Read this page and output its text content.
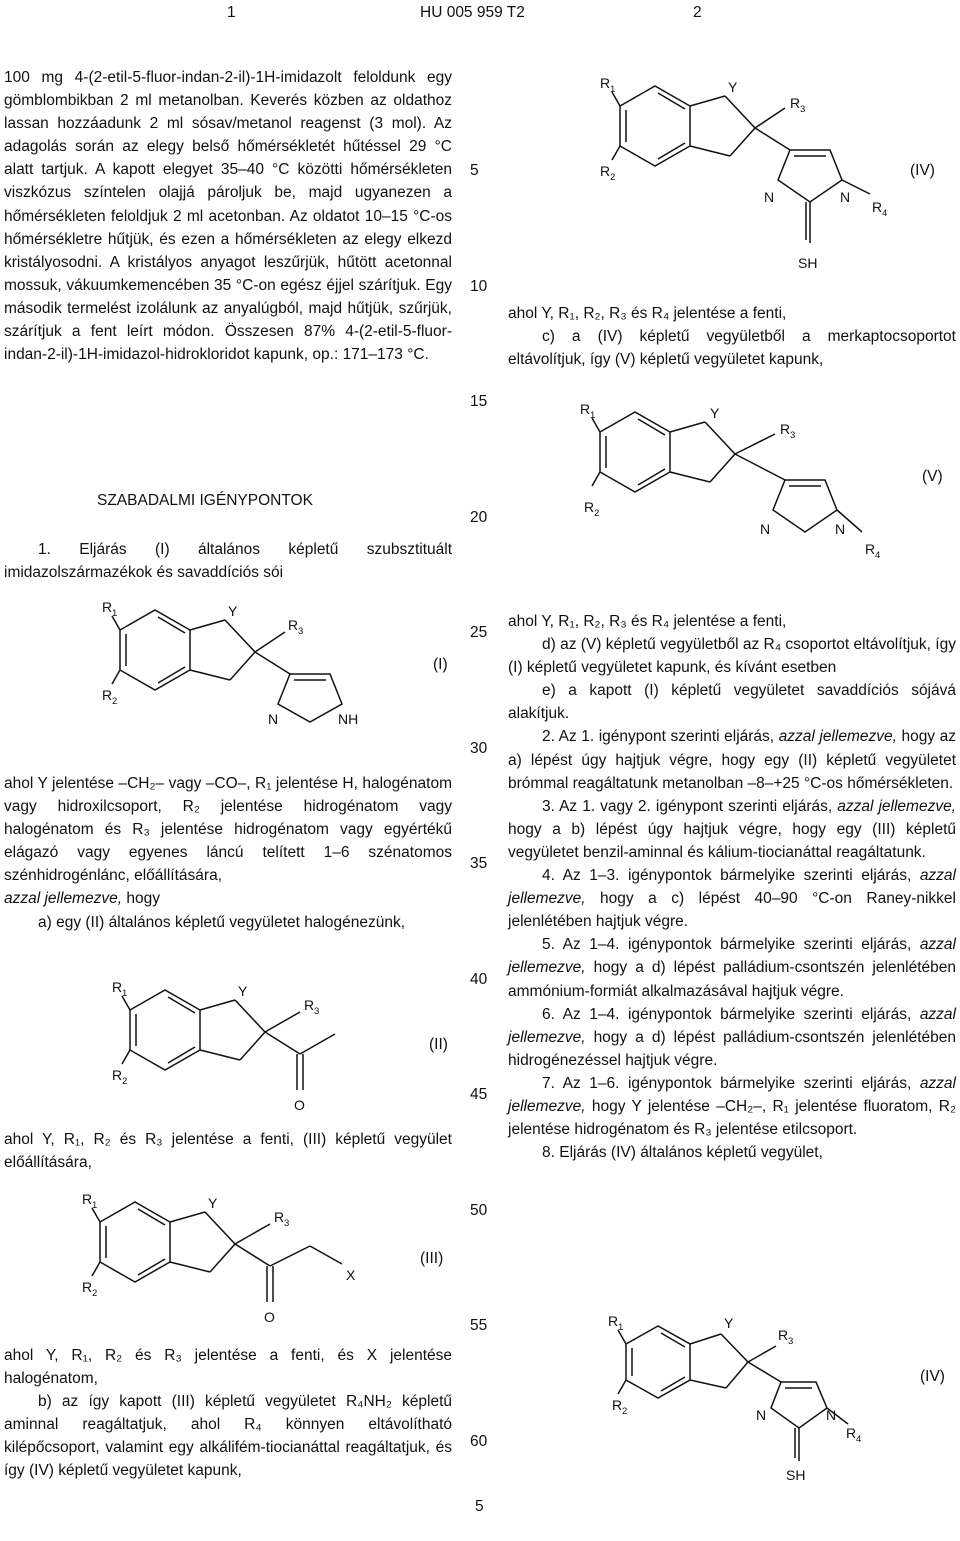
1	HU 005 959 T2	2
5
10
15
20
25
30
35
40
45
50
55
60
100 mg 4-(2-etil-5-fluor-indan-2-il)-1H-imidazolt feloldunk egy gömblombikban 2 ml metanolban. Keverés közben az oldathoz lassan hozzáadunk 2 ml sósav/metanol reagenst (3 mol). Az adagolás során az elegy belső hőmérsékletét hűtéssel 29 °C alatt tartjuk. A kapott elegyet 35–40 °C közötti hőmérsékleten viszkózus színtelen olajjá pároljuk be, majd ugyanezen a hőmérsékleten feloldjuk 2 ml acetonban. Az oldatot 10–15 °C-os hőmérsékletre hűtjük, és ezen a hőmérsékleten az elegy elkezd kristályosodni. A kristályos anyagot leszűrjük, hűtött acetonnal mossuk, vákuumkemencében 35 °C-on egész éjjel szárítjuk. Egy második termelést izolálunk az anyalúgból, majd hűtjük, szűrjük, szárítjuk a fent leírt módon. Összesen 87% 4-(2-etil-5-fluor-indan-2-il)-1H-imidazol-hidrokloridot kapunk, op.: 171–173 °C.
SZABADALMI IGÉNYPONTOK
1. Eljárás (I) általános képletű szubsztituált imidazolszármazékok és savaddíciós sói
R 1
R 2
Y
R 3
N	NH
(I)

ahol Y jelentése –CH₂– vagy –CO–, R₁ jelentése H, halogénatom vagy hidroxilcsoport, R₂ jelentése hidrogénatom vagy halogénatom és R₃ jelentése hidrogénatom vagy egyértékű elágazó vagy egyenes láncú telített 1–6 szénatomos szénhidrogénlánc, előállítására,

azzal jellemezve, hogy

a) egy (II) általános képletű vegyületet halogénezünk,

R 1
R 2
Y
R 3
O
(II)
ahol Y, R₁, R₂ és R₃ jelentése a fenti, (III) képletű vegyület előállítására,
R 1
R 2
Y
R 3
X
O
(III)

ahol Y, R₁, R₂ és R₃ jelentése a fenti, és X jelentése halogénatom,

b) az így kapott (III) képletű vegyületet R₄NH₂ képletű aminnal reagáltatjuk, ahol R₄ könnyen eltávolítható kilépőcsoport, valamint egy alkálifém-tiocianáttal reagáltatjuk, és így (IV) képletű vegyületet kapunk,

R 1
R 2
Y
R 3
N	N
R 4
SH
(IV)

ahol Y, R₁, R₂, R₃ és R₄ jelentése a fenti,

c) a (IV) képletű vegyületből a merkaptocsoportot eltávolítjuk, így (V) képletű vegyületet kapunk,

R 1
R 2
Y
R 3
N	N
R 4
(V)

ahol Y, R₁, R₂, R₃ és R₄ jelentése a fenti,

d) az (V) képletű vegyületből az R₄ csoportot eltávolítjuk, így (I) képletű vegyületet kapunk, és kívánt esetben

e) a kapott (I) képletű vegyületet savaddíciós sójává alakítjuk.

2. Az 1. igénypont szerinti eljárás, azzal jellemezve, hogy az a) lépést úgy hajtjuk végre, hogy egy (II) képletű vegyületet brómmal reagáltatunk metanolban –8–+25 °C-os hőmérsékleten.

3. Az 1. vagy 2. igénypont szerinti eljárás, azzal jellemezve, hogy a b) lépést úgy hajtjuk végre, hogy egy (III) képletű vegyületet benzil-aminnal és kálium-tiocianáttal reagáltatunk.

4. Az 1–3. igénypontok bármelyike szerinti eljárás, azzal jellemezve, hogy a c) lépést 40–90 °C-on Raney-nikkel jelenlétében hajtjuk végre.

5. Az 1–4. igénypontok bármelyike szerinti eljárás, azzal jellemezve, hogy a d) lépést palládium-csontszén jelenlétében ammónium-formiát alkalmazásával hajtjuk végre.

6. Az 1–4. igénypontok bármelyike szerinti eljárás, azzal jellemezve, hogy a d) lépést palládium-csontszén jelenlétében hidrogénezéssel hajtjuk végre.

7. Az 1–6. igénypontok bármelyike szerinti eljárás, azzal jellemezve, hogy Y jelentése –CH₂–, R₁ jelentése fluoratom, R₂ jelentése hidrogénatom és R₃ jelentése etilcsoport.

8. Eljárás (IV) általános képletű vegyület,

R 1
R 2
Y
R 3
N	N
R 4
SH
(IV)
5
